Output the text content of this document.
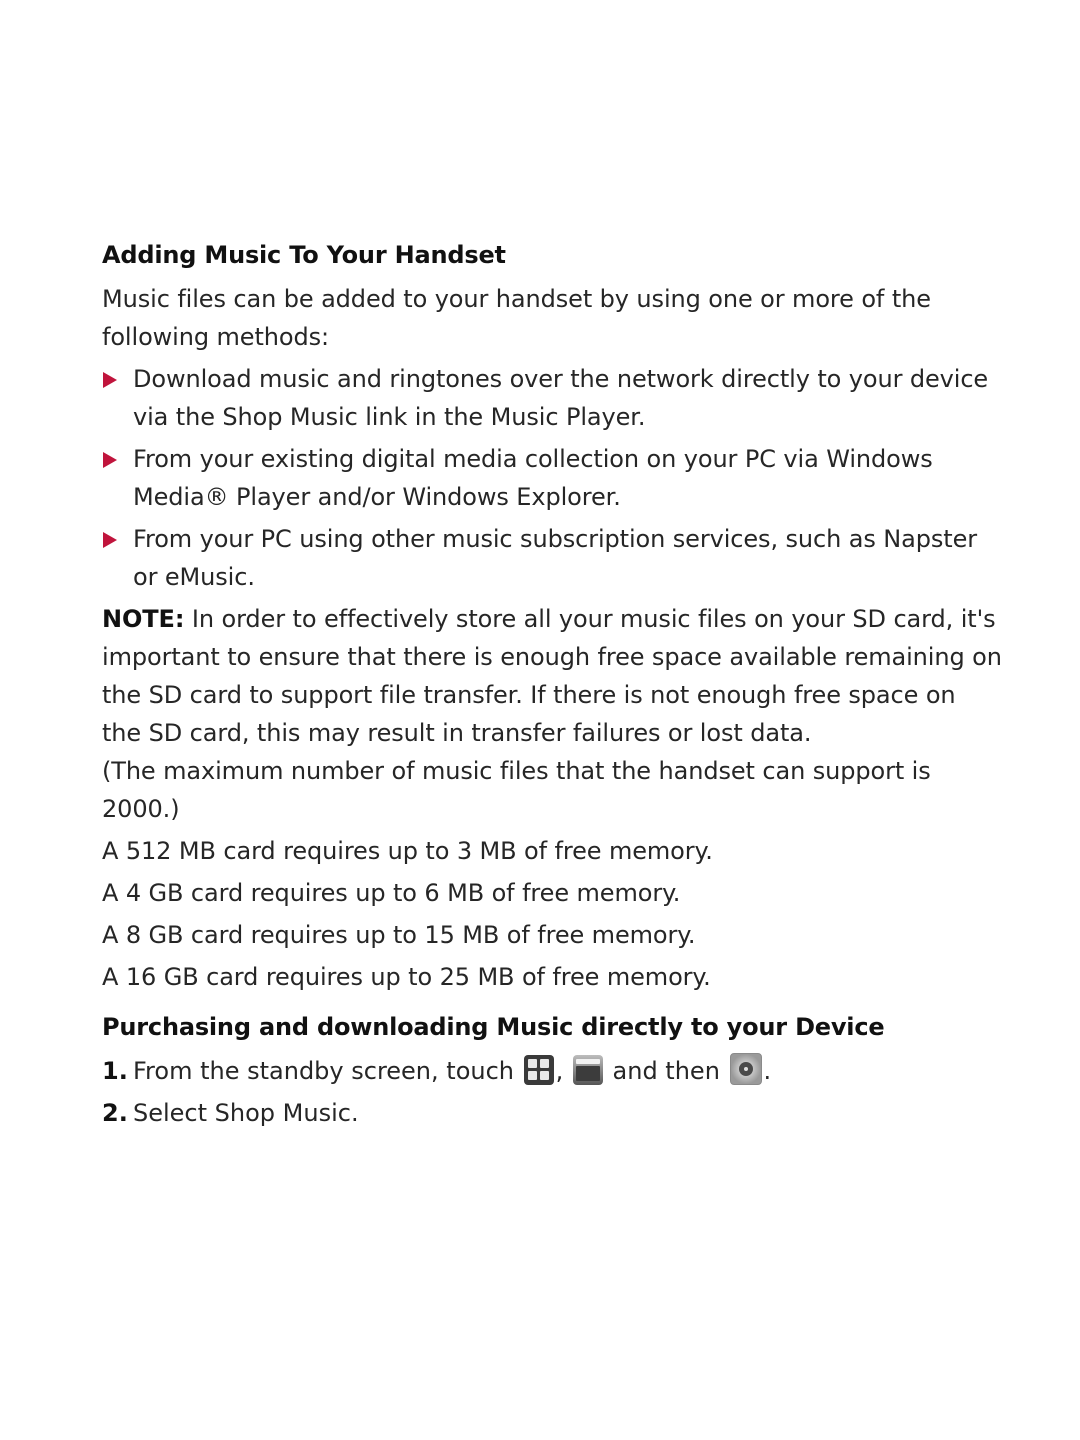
Adding Music To Your Handset

Music files can be added to your handset by using one or more of the following methods:

Download music and ringtones over the network directly to your device via the Shop Music link in the Music Player.
From your existing digital media collection on your PC via Windows Media® Player and/or Windows Explorer.
From your PC using other music subscription services, such as Napster or eMusic.

NOTE: In order to effectively store all your music files on your SD card, it's important to ensure that there is enough free space available remaining on the SD card to support file transfer. If there is not enough free space on the SD card, this may result in transfer failures or lost data.

(The maximum number of music files that the handset can support is 2000.)

A 512 MB card requires up to 3 MB of free memory.

A 4 GB card requires up to 6 MB of free memory.

A 8 GB card requires up to 15 MB of free memory.

A 16 GB card requires up to 25 MB of free memory.

Purchasing and downloading Music directly to your Device
1. From the standby screen, touch
,
and then
.
2. Select Shop Music.
